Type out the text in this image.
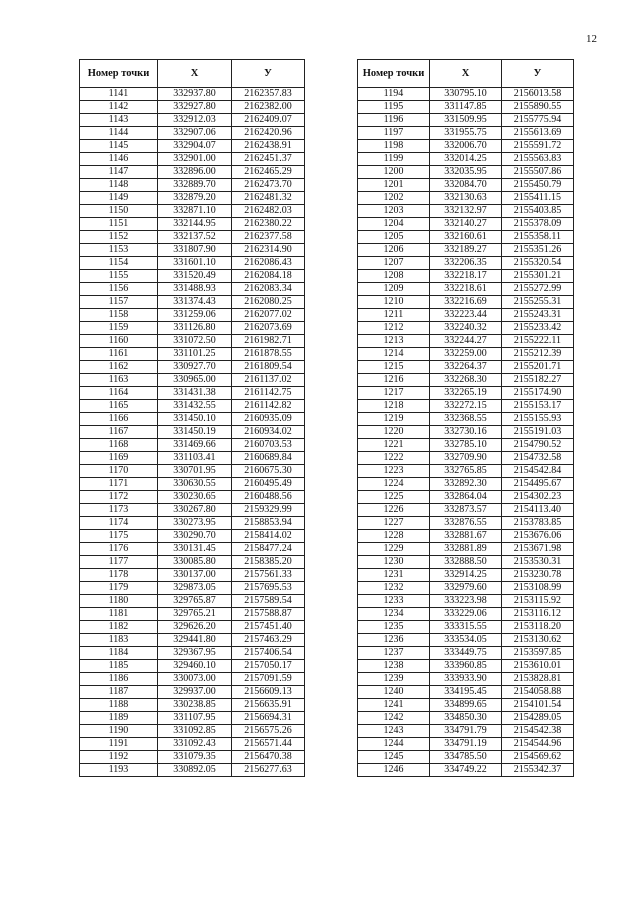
12
Номер точки	X	У
1141	332937.80	2162357.83
1142	332927.80	2162382.00
1143	332912.03	2162409.07
1144	332907.06	2162420.96
1145	332904.07	2162438.91
1146	332901.00	2162451.37
1147	332896.00	2162465.29
1148	332889.70	2162473.70
1149	332879.20	2162481.32
1150	332871.10	2162482.03
1151	332144.95	2162380.22
1152	332137.52	2162377.58
1153	331807.90	2162314.90
1154	331601.10	2162086.43
1155	331520.49	2162084.18
1156	331488.93	2162083.34
1157	331374.43	2162080.25
1158	331259.06	2162077.02
1159	331126.80	2162073.69
1160	331072.50	2161982.71
1161	331101.25	2161878.55
1162	330927.70	2161809.54
1163	330965.00	2161137.02
1164	331431.38	2161142.75
1165	331432.55	2161142.82
1166	331450.10	2160935.09
1167	331450.19	2160934.02
1168	331469.66	2160703.53
1169	331103.41	2160689.84
1170	330701.95	2160675.30
1171	330630.55	2160495.49
1172	330230.65	2160488.56
1173	330267.80	2159329.99
1174	330273.95	2158853.94
1175	330290.70	2158414.02
1176	330131.45	2158477.24
1177	330085.80	2158385.20
1178	330137.00	2157561.33
1179	329873.05	2157695.53
1180	329765.87	2157589.54
1181	329765.21	2157588.87
1182	329626.20	2157451.40
1183	329441.80	2157463.29
1184	329367.95	2157406.54
1185	329460.10	2157050.17
1186	330073.00	2157091.59
1187	329937.00	2156609.13
1188	330238.85	2156635.91
1189	331107.95	2156694.31
1190	331092.85	2156575.26
1191	331092.43	2156571.44
1192	331079.35	2156470.38
1193	330892.05	2156277.63
Номер точки	X	У
1194	330795.10	2156013.58
1195	331147.85	2155890.55
1196	331509.95	2155775.94
1197	331955.75	2155613.69
1198	332006.70	2155591.72
1199	332014.25	2155563.83
1200	332035.95	2155507.86
1201	332084.70	2155450.79
1202	332130.63	2155411.15
1203	332132.97	2155403.85
1204	332140.27	2155378.09
1205	332160.61	2155358.11
1206	332189.27	2155351.26
1207	332206.35	2155320.54
1208	332218.17	2155301.21
1209	332218.61	2155272.99
1210	332216.69	2155255.31
1211	332223.44	2155243.31
1212	332240.32	2155233.42
1213	332244.27	2155222.11
1214	332259.00	2155212.39
1215	332264.37	2155201.71
1216	332268.30	2155182.27
1217	332265.19	2155174.90
1218	332272.15	2155153.17
1219	332368.55	2155155.93
1220	332730.16	2155191.03
1221	332785.10	2154790.52
1222	332709.90	2154732.58
1223	332765.85	2154542.84
1224	332892.30	2154495.67
1225	332864.04	2154302.23
1226	332873.57	2154113.40
1227	332876.55	2153783.85
1228	332881.67	2153676.06
1229	332881.89	2153671.98
1230	332888.50	2153530.31
1231	332914.25	2153230.78
1232	332979.60	2153108.99
1233	333223.98	2153115.92
1234	333229.06	2153116.12
1235	333315.55	2153118.20
1236	333534.05	2153130.62
1237	333449.75	2153597.85
1238	333960.85	2153610.01
1239	333933.90	2153828.81
1240	334195.45	2154058.88
1241	334899.65	2154101.54
1242	334850.30	2154289.05
1243	334791.79	2154542.38
1244	334791.19	2154544.96
1245	334785.50	2154569.62
1246	334749.22	2155342.37
